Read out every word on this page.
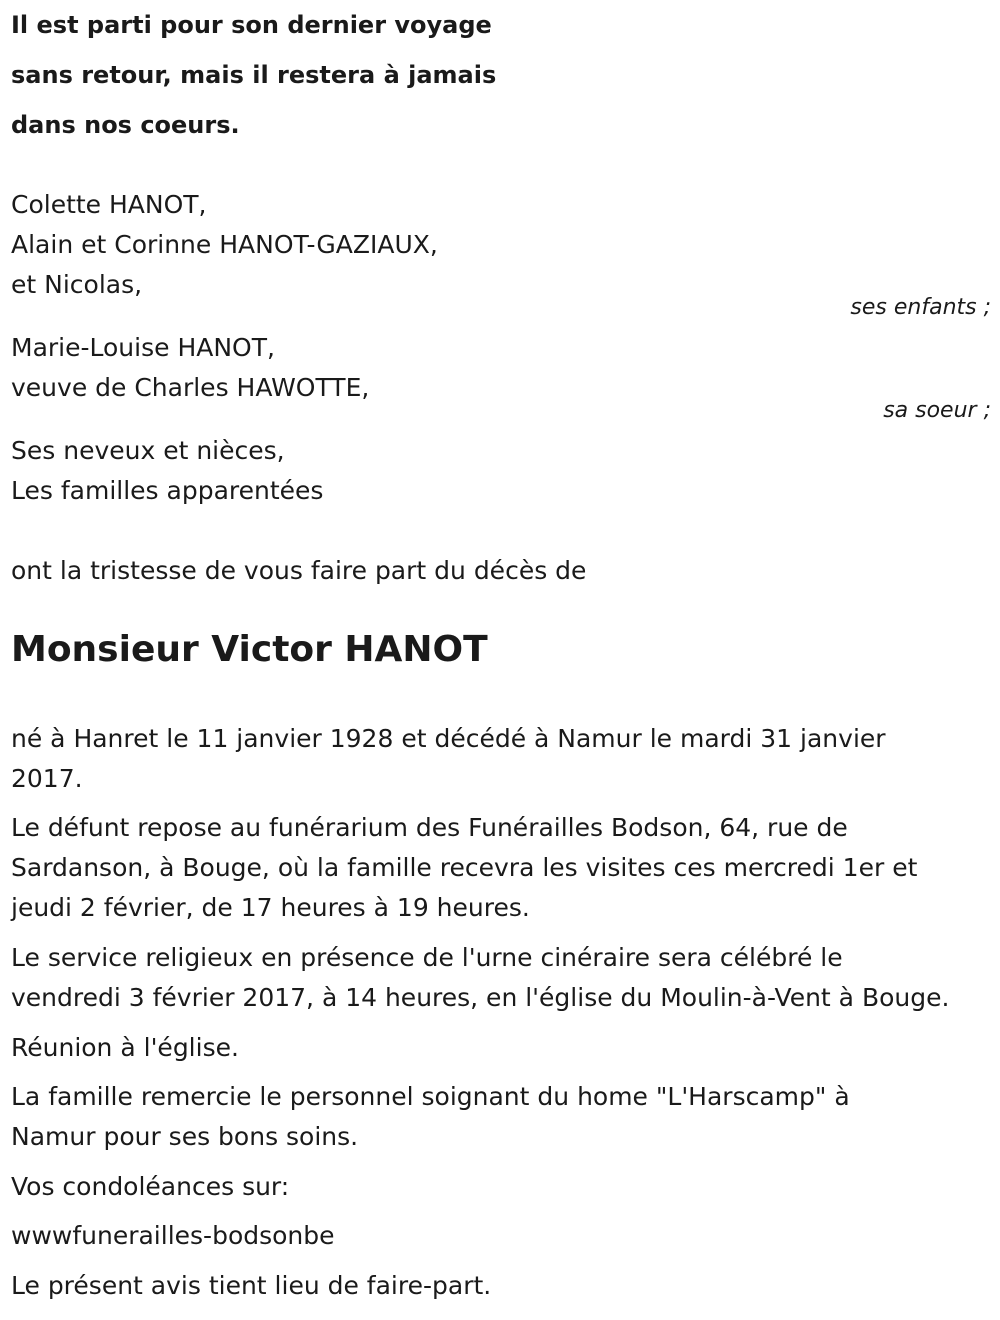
Il est parti pour son dernier voyage
sans retour, mais il restera à jamais
dans nos coeurs.
Colette HANOT,
Alain et Corinne HANOT-GAZIAUX,
et Nicolas,
ses enfants ;
Marie-Louise HANOT,
veuve de Charles HAWOTTE,
sa soeur ;
Ses neveux et nièces,
Les familles apparentées
ont la tristesse de vous faire part du décès de
Monsieur Victor HANOT
né à Hanret le 11 janvier 1928 et décédé à Namur le mardi 31 janvier
2017.
Le défunt repose au funérarium des Funérailles Bodson, 64, rue de
Sardanson, à Bouge, où la famille recevra les visites ces mercredi 1er et
jeudi 2 février, de 17 heures à 19 heures.
Le service religieux en présence de l'urne cinéraire sera célébré le
vendredi 3 février 2017, à 14 heures, en l'église du Moulin-à-Vent à Bouge.
Réunion à l'église.
La famille remercie le personnel soignant du home "L'Harscamp" à
Namur pour ses bons soins.
Vos condoléances sur:
wwwfunerailles-bodsonbe
Le présent avis tient lieu de faire-part.
